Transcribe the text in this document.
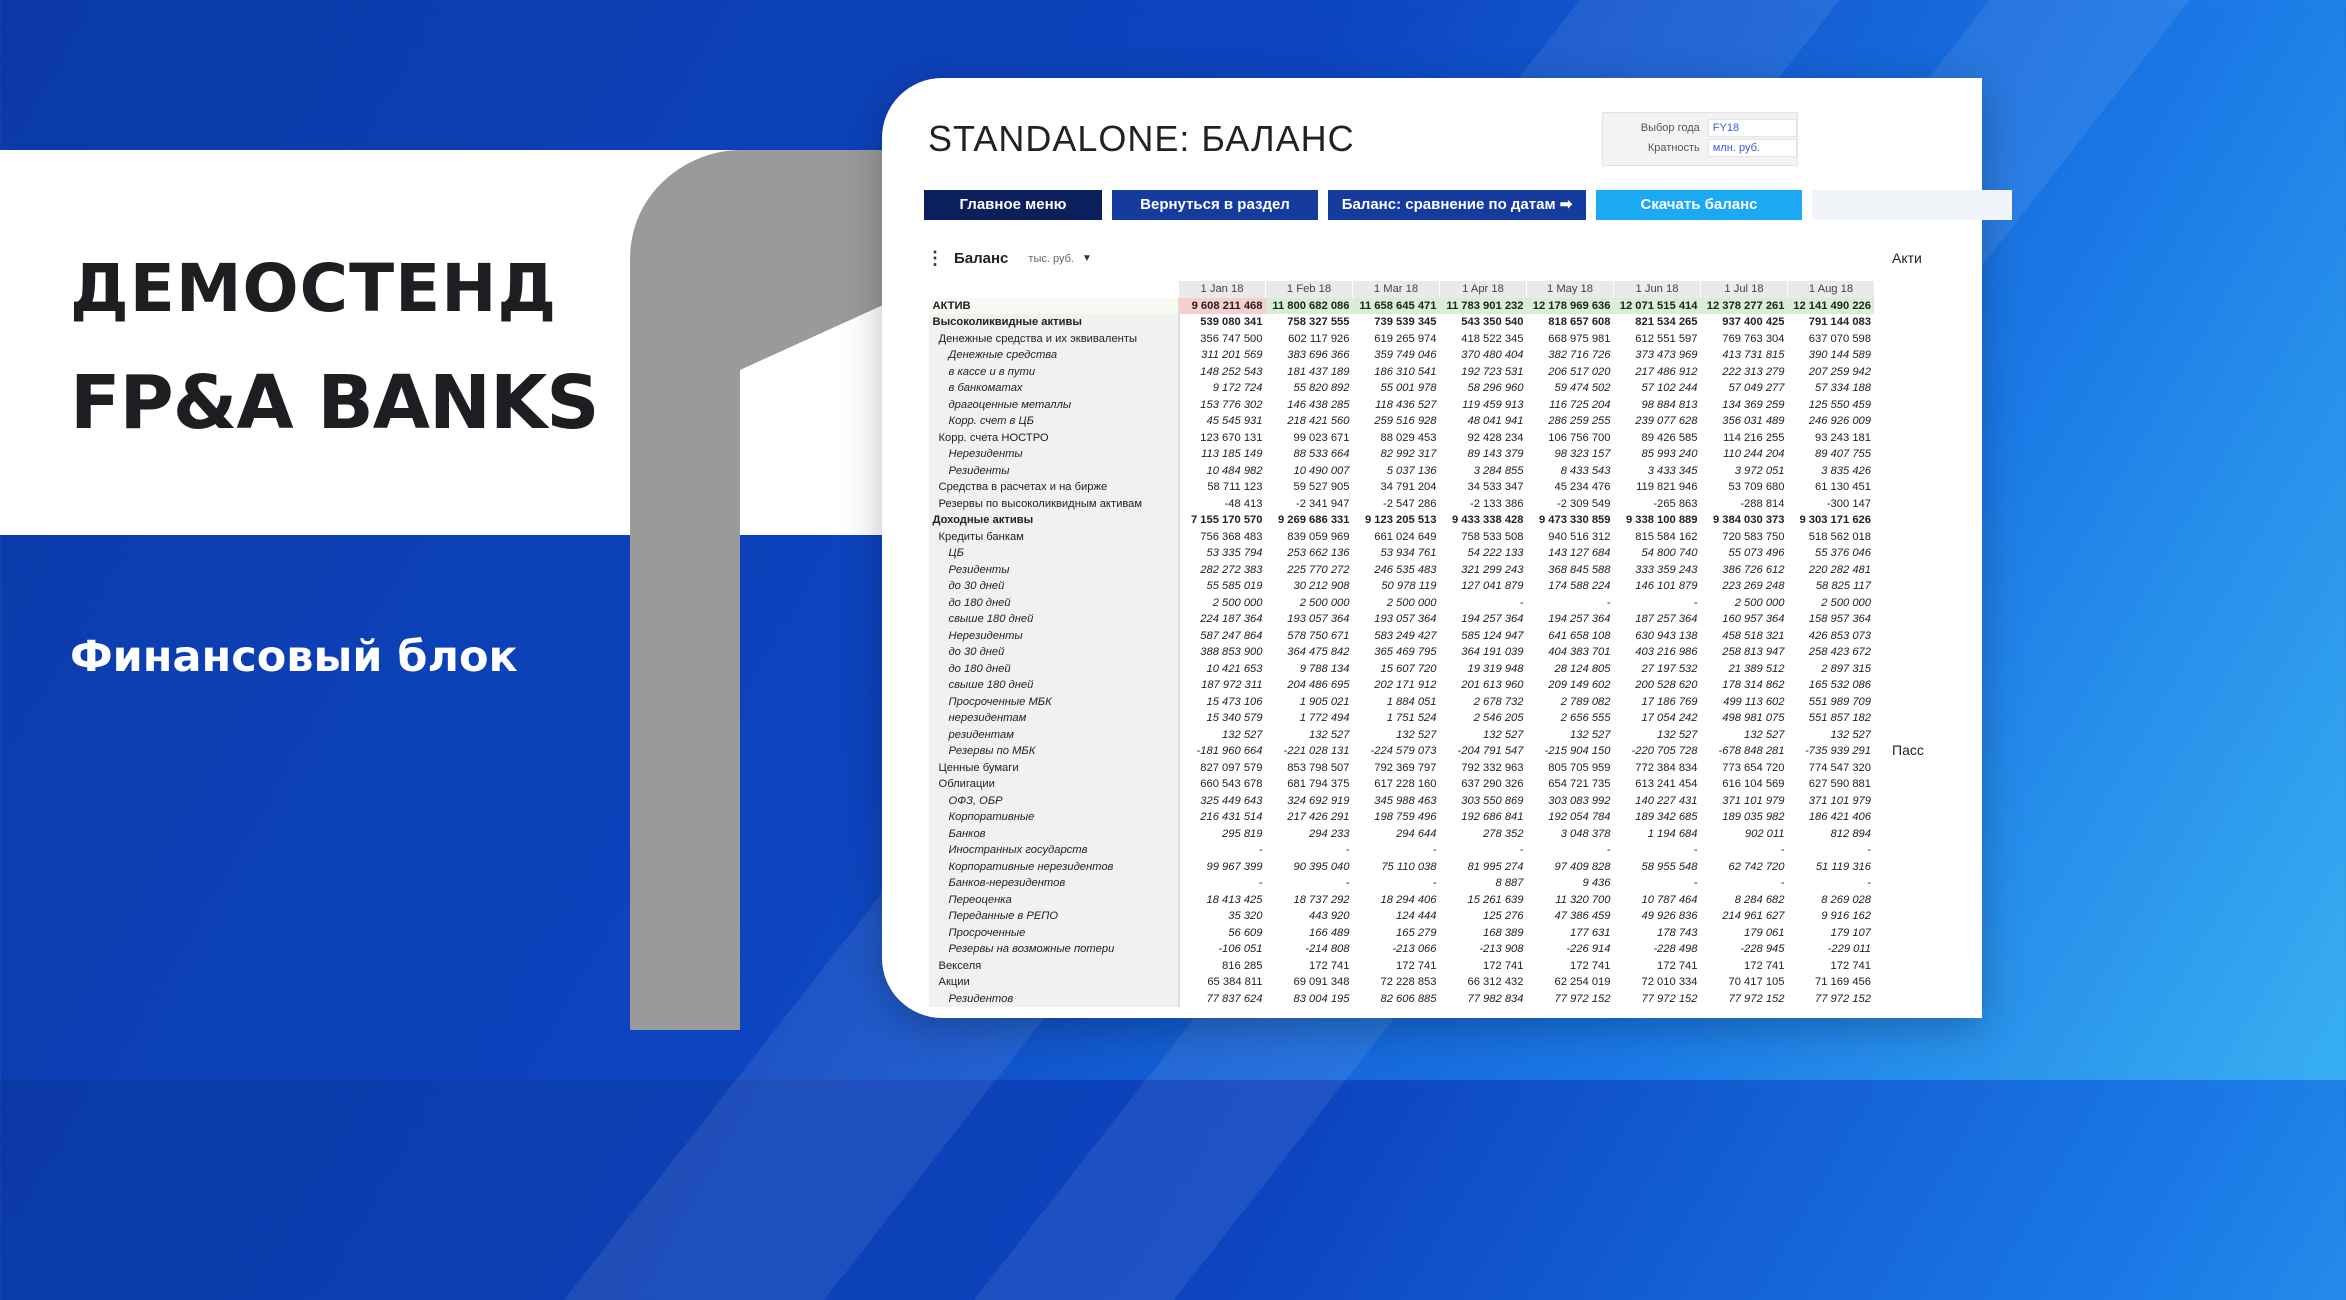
ДЕМОСТЕНД
FP&A BANKS
Финансовый блок
STANDALONE: БАЛАНС	Выбор года	FY18
Кратность	млн. руб.
Главное меню	Вернуться в раздел	Баланс: сравнение по датам ➡	Скачать баланс
⋮ Баланс тыс. руб. ▼	Акти
Пасс
	1 Jan 18	1 Feb 18	1 Mar 18	1 Apr 18	1 May 18	1 Jun 18	1 Jul 18	1 Aug 18
АКТИВ	9 608 211 468	11 800 682 086	11 658 645 471	11 783 901 232	12 178 969 636	12 071 515 414	12 378 277 261	12 141 490 226
Высоколиквидные активы	539 080 341	758 327 555	739 539 345	543 350 540	818 657 608	821 534 265	937 400 425	791 144 083
Денежные средства и их эквиваленты	356 747 500	602 117 926	619 265 974	418 522 345	668 975 981	612 551 597	769 763 304	637 070 598
Денежные средства	311 201 569	383 696 366	359 749 046	370 480 404	382 716 726	373 473 969	413 731 815	390 144 589
в кассе и в пути	148 252 543	181 437 189	186 310 541	192 723 531	206 517 020	217 486 912	222 313 279	207 259 942
в банкоматах	9 172 724	55 820 892	55 001 978	58 296 960	59 474 502	57 102 244	57 049 277	57 334 188
драгоценные металлы	153 776 302	146 438 285	118 436 527	119 459 913	116 725 204	98 884 813	134 369 259	125 550 459
Корр. счет в ЦБ	45 545 931	218 421 560	259 516 928	48 041 941	286 259 255	239 077 628	356 031 489	246 926 009
Корр. счета НОСТРО	123 670 131	99 023 671	88 029 453	92 428 234	106 756 700	89 426 585	114 216 255	93 243 181
Нерезиденты	113 185 149	88 533 664	82 992 317	89 143 379	98 323 157	85 993 240	110 244 204	89 407 755
Резиденты	10 484 982	10 490 007	5 037 136	3 284 855	8 433 543	3 433 345	3 972 051	3 835 426
Средства в расчетах и на бирже	58 711 123	59 527 905	34 791 204	34 533 347	45 234 476	119 821 946	53 709 680	61 130 451
Резервы по высоколиквидным активам	-48 413	-2 341 947	-2 547 286	-2 133 386	-2 309 549	-265 863	-288 814	-300 147
Доходные активы	7 155 170 570	9 269 686 331	9 123 205 513	9 433 338 428	9 473 330 859	9 338 100 889	9 384 030 373	9 303 171 626
Кредиты банкам	756 368 483	839 059 969	661 024 649	758 533 508	940 516 312	815 584 162	720 583 750	518 562 018
ЦБ	53 335 794	253 662 136	53 934 761	54 222 133	143 127 684	54 800 740	55 073 496	55 376 046
Резиденты	282 272 383	225 770 272	246 535 483	321 299 243	368 845 588	333 359 243	386 726 612	220 282 481
до 30 дней	55 585 019	30 212 908	50 978 119	127 041 879	174 588 224	146 101 879	223 269 248	58 825 117
до 180 дней	2 500 000	2 500 000	2 500 000	-	-	-	2 500 000	2 500 000
свыше 180 дней	224 187 364	193 057 364	193 057 364	194 257 364	194 257 364	187 257 364	160 957 364	158 957 364
Нерезиденты	587 247 864	578 750 671	583 249 427	585 124 947	641 658 108	630 943 138	458 518 321	426 853 073
до 30 дней	388 853 900	364 475 842	365 469 795	364 191 039	404 383 701	403 216 986	258 813 947	258 423 672
до 180 дней	10 421 653	9 788 134	15 607 720	19 319 948	28 124 805	27 197 532	21 389 512	2 897 315
свыше 180 дней	187 972 311	204 486 695	202 171 912	201 613 960	209 149 602	200 528 620	178 314 862	165 532 086
Просроченные МБК	15 473 106	1 905 021	1 884 051	2 678 732	2 789 082	17 186 769	499 113 602	551 989 709
нерезидентам	15 340 579	1 772 494	1 751 524	2 546 205	2 656 555	17 054 242	498 981 075	551 857 182
резидентам	132 527	132 527	132 527	132 527	132 527	132 527	132 527	132 527
Резервы по МБК	-181 960 664	-221 028 131	-224 579 073	-204 791 547	-215 904 150	-220 705 728	-678 848 281	-735 939 291
Ценные бумаги	827 097 579	853 798 507	792 369 797	792 332 963	805 705 959	772 384 834	773 654 720	774 547 320
Облигации	660 543 678	681 794 375	617 228 160	637 290 326	654 721 735	613 241 454	616 104 569	627 590 881
ОФЗ, ОБР	325 449 643	324 692 919	345 988 463	303 550 869	303 083 992	140 227 431	371 101 979	371 101 979
Корпоративные	216 431 514	217 426 291	198 759 496	192 686 841	192 054 784	189 342 685	189 035 982	186 421 406
Банков	295 819	294 233	294 644	278 352	3 048 378	1 194 684	902 011	812 894
Иностранных государств	-	-	-	-	-	-	-	-
Корпоративные нерезидентов	99 967 399	90 395 040	75 110 038	81 995 274	97 409 828	58 955 548	62 742 720	51 119 316
Банков-нерезидентов	-	-	-	8 887	9 436	-	-	-
Переоценка	18 413 425	18 737 292	18 294 406	15 261 639	11 320 700	10 787 464	8 284 682	8 269 028
Переданные в РЕПО	35 320	443 920	124 444	125 276	47 386 459	49 926 836	214 961 627	9 916 162
Просроченные	56 609	166 489	165 279	168 389	177 631	178 743	179 061	179 107
Резервы на возможные потери	-106 051	-214 808	-213 066	-213 908	-226 914	-228 498	-228 945	-229 011
Векселя	816 285	172 741	172 741	172 741	172 741	172 741	172 741	172 741
Акции	65 384 811	69 091 348	72 228 853	66 312 432	62 254 019	72 010 334	70 417 105	71 169 456
Резидентов	77 837 624	83 004 195	82 606 885	77 982 834	77 972 152	77 972 152	77 972 152	77 972 152
